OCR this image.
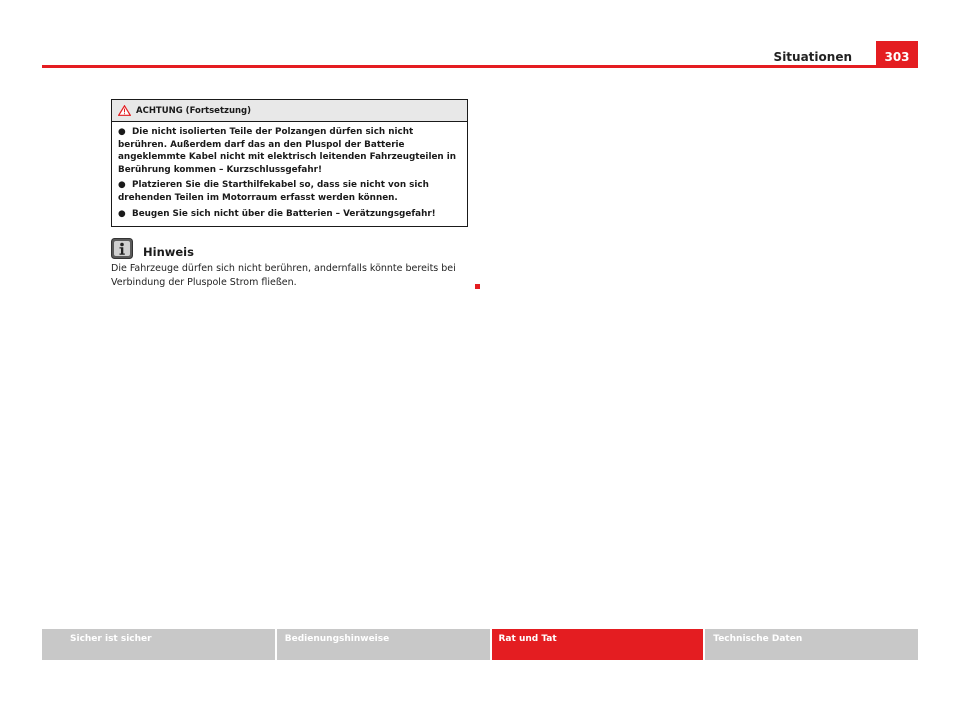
Situationen	303
ACHTUNG (Fortsetzung)

● Die nicht isolierten Teile der Polzangen dürfen sich nicht berühren. Außerdem darf das an den Pluspol der Batterie angeklemmte Kabel nicht mit elektrisch leitenden Fahrzeugteilen in Berührung kommen – Kurzschlussgefahr!

● Platzieren Sie die Starthilfekabel so, dass sie nicht von sich drehenden Teilen im Motorraum erfasst werden können.

● Beugen Sie sich nicht über die Batterien – Verätzungsgefahr!

Hinweis
Die Fahrzeuge dürfen sich nicht berühren, andernfalls könnte bereits bei Verbindung der Pluspole Strom fließen.
Sicher ist sicher	Bedienungshinweise	Rat und Tat	Technische Daten
